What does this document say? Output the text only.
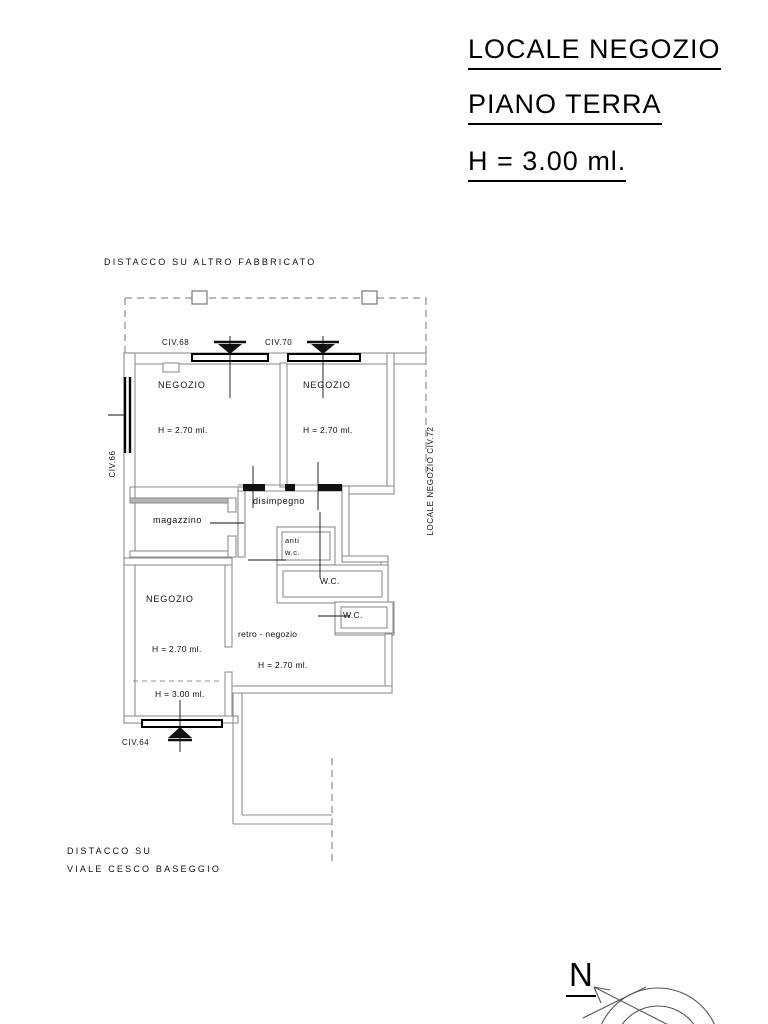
LOCALE NEGOZIO
PIANO TERRA
H = 3.00 ml.
DISTACCO SU ALTRO FABBRICATO
CIV.68	CIV.70
CIV.64
CIV.66	LOCALE NEGOZIO CIV.72
NEGOZIO
H = 2.70 ml.
NEGOZIO
H = 2.70 ml.
disimpegno
magazzino
anti
w.c.
W.C.
W.C.
NEGOZIO
H = 2.70 ml.
H = 3.00 ml.
retro - negozio
H = 2.70 ml.
DISTACCO SU
VIALE CESCO BASEGGIO
N
